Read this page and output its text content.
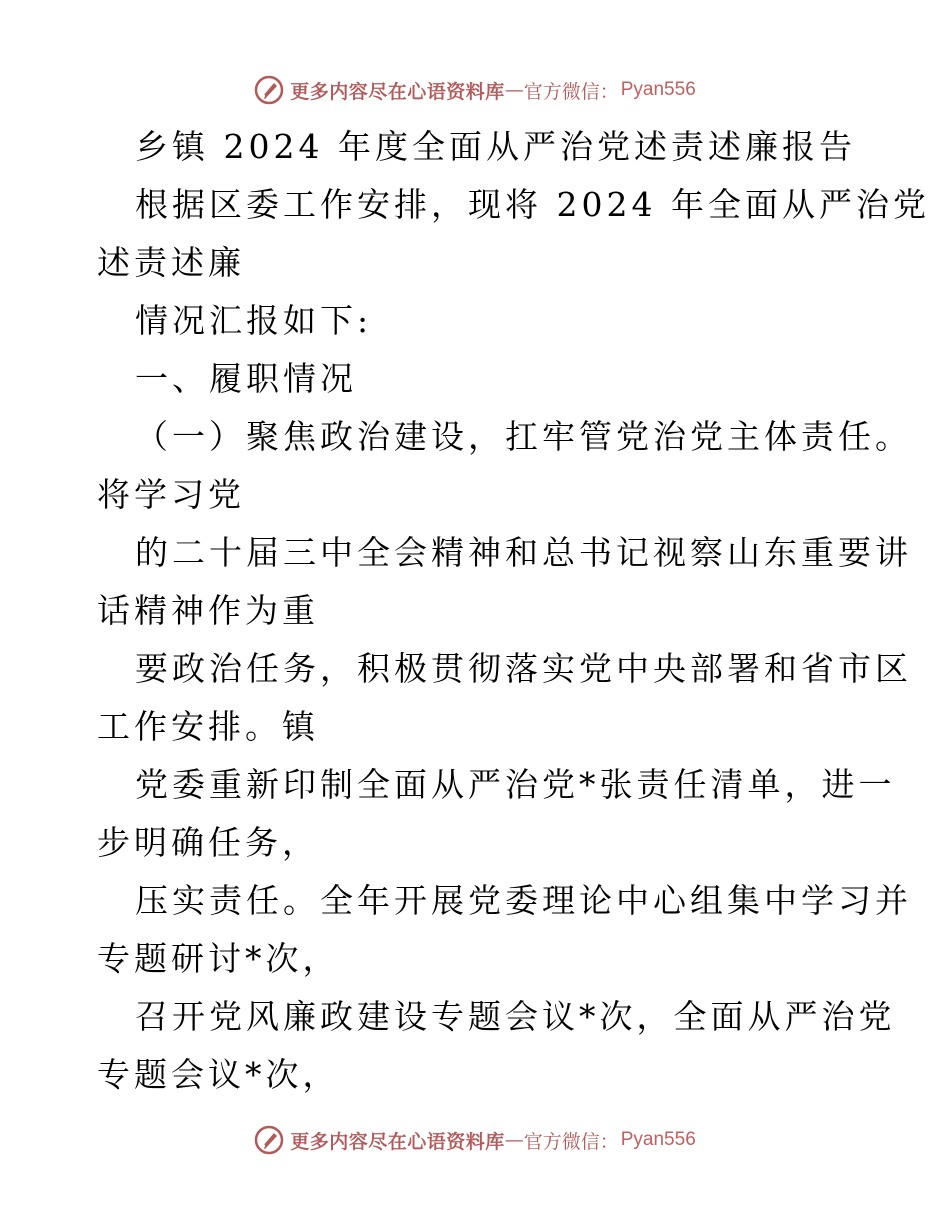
更多内容尽在心语资料库 — 官方微信： Pyan556
乡镇 2024 年度全面从严治党述责述廉报告
根据区委工作安排，现将 2024 年全面从严治党
述责述廉
情况汇报如下:
一、履职情况
（一）聚焦政治建设，扛牢管党治党主体责任。
将学习党
的二十届三中全会精神和总书记视察山东重要讲
话精神作为重
要政治任务，积极贯彻落实党中央部署和省市区
工作安排。镇
党委重新印制全面从严治党*张责任清单，进一
步明确任务，
压实责任。全年开展党委理论中心组集中学习并
专题研讨*次，
召开党风廉政建设专题会议*次，全面从严治党
专题会议*次，
更多内容尽在心语资料库 — 官方微信： Pyan556
